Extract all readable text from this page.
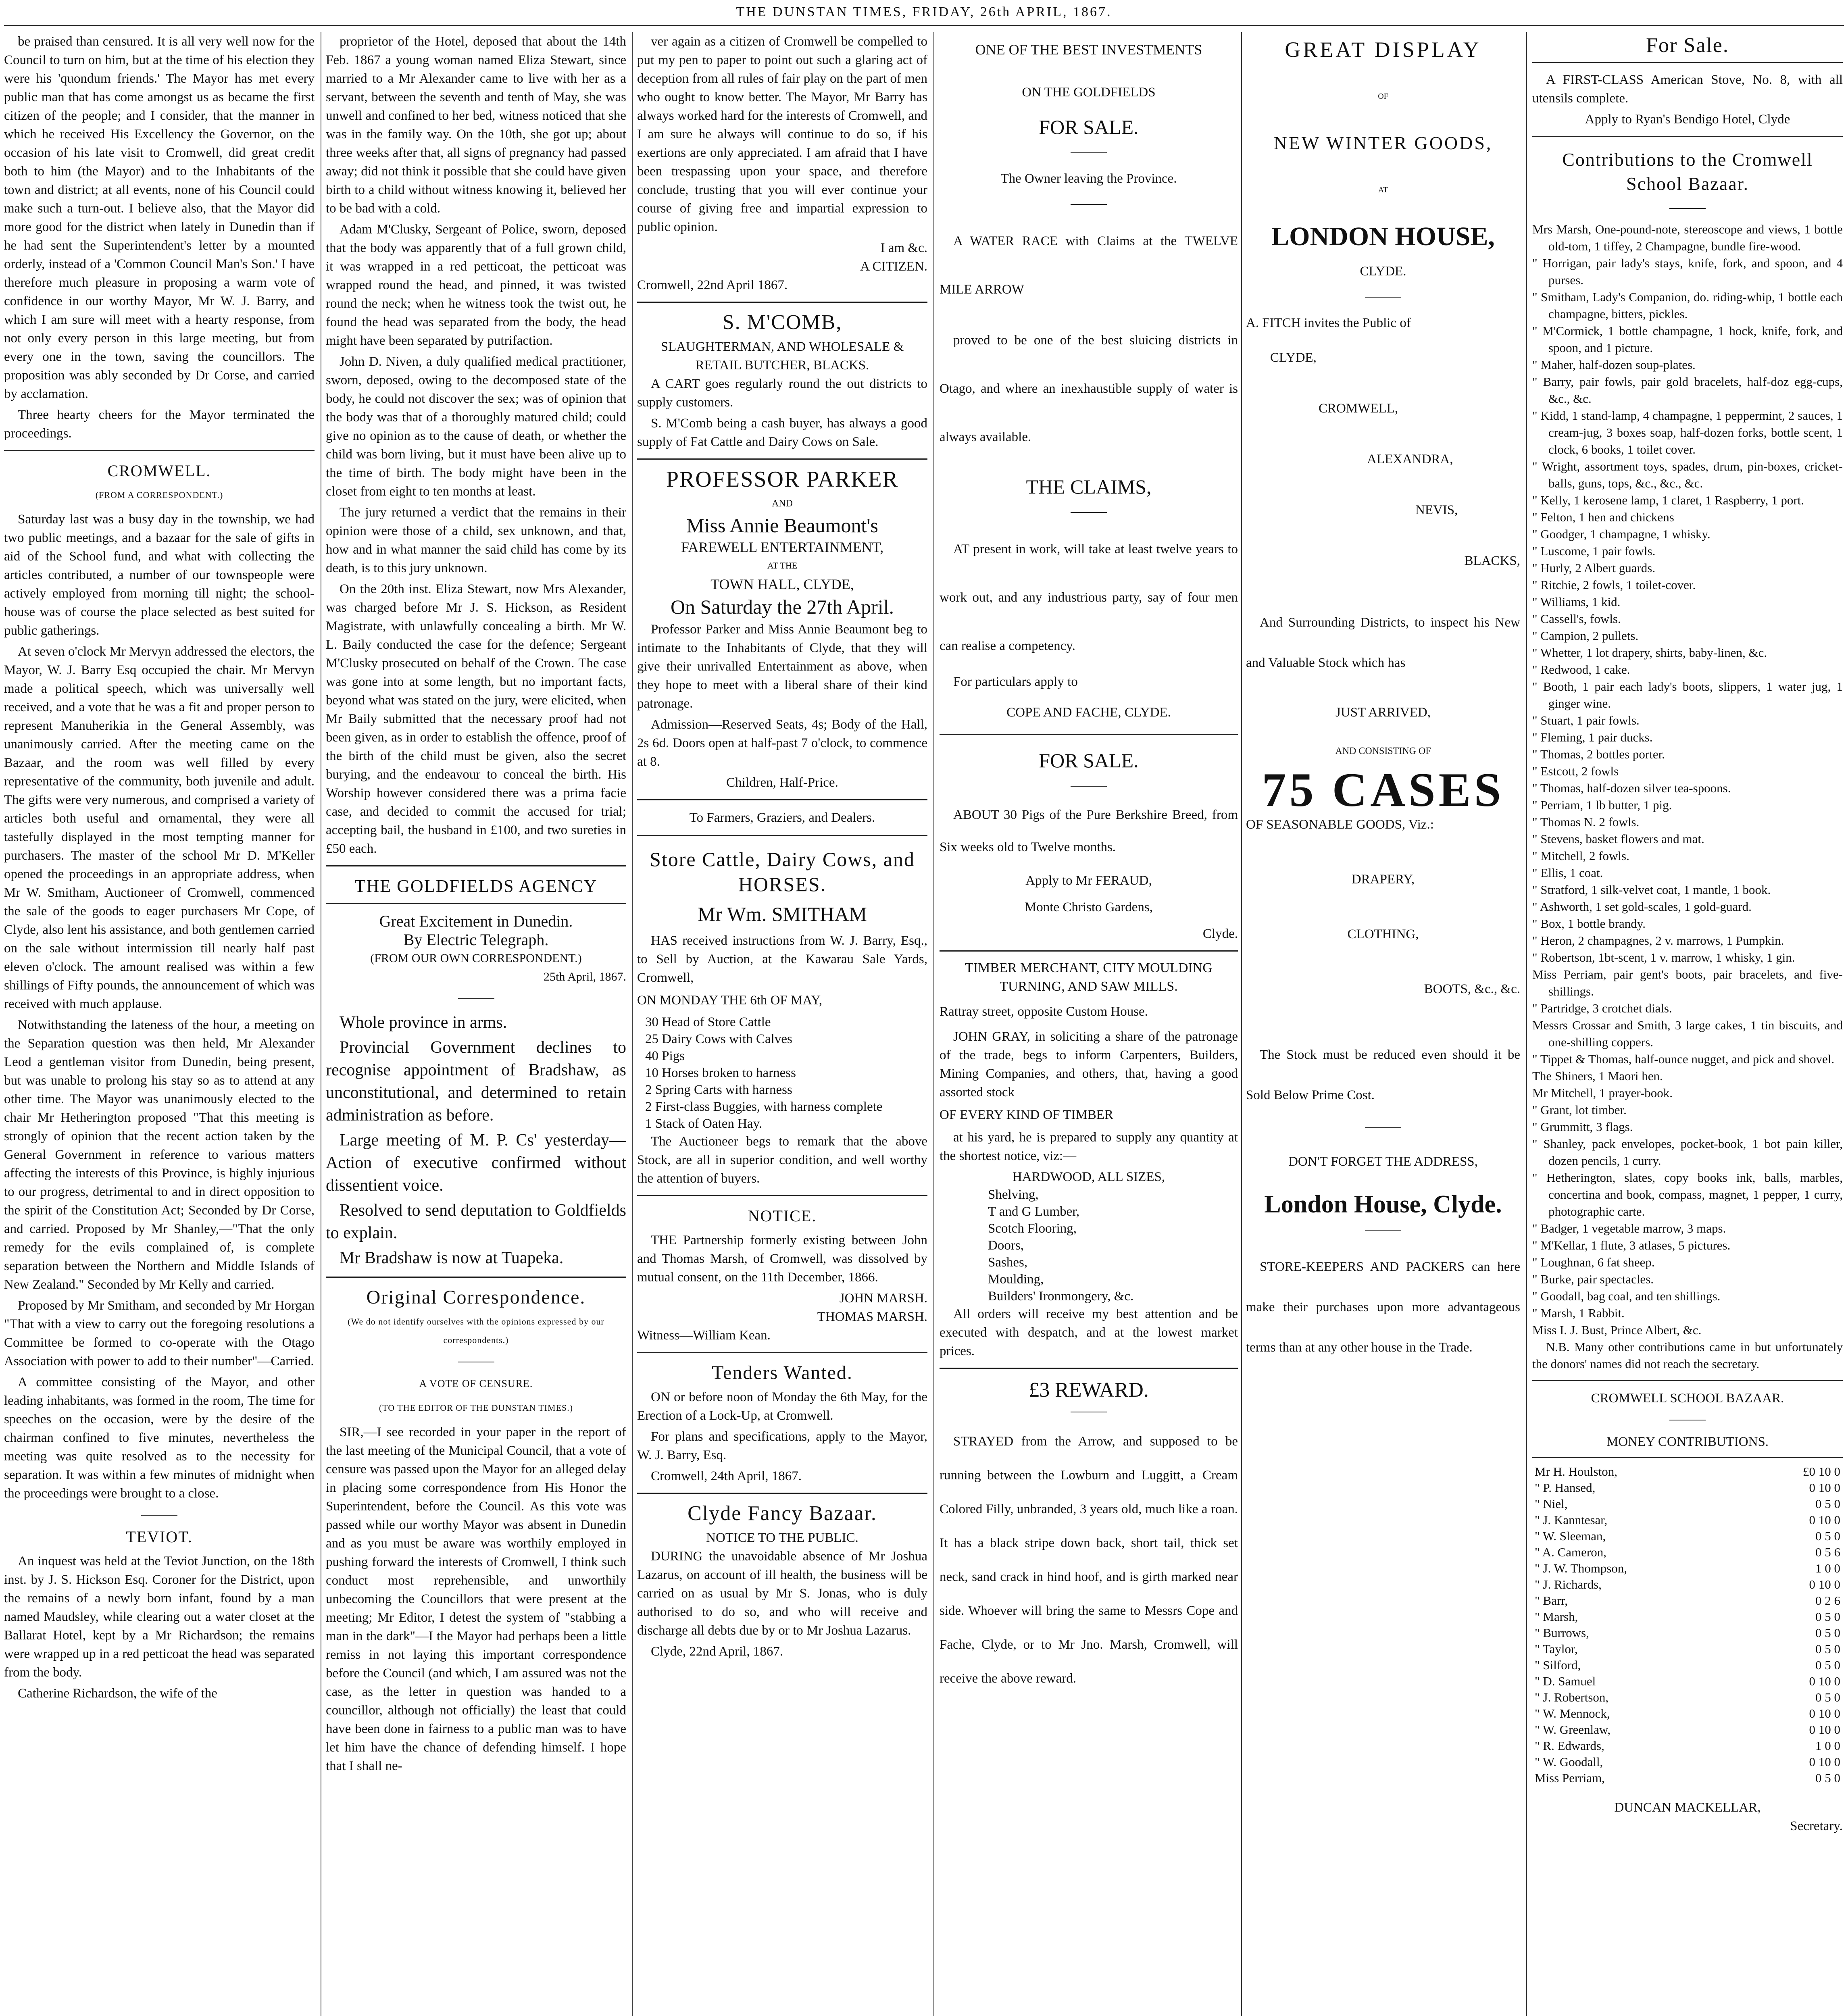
THE DUNSTAN TIMES, FRIDAY, 26th APRIL, 1867.

be praised than censured. It is all very well now for the Council to turn on him, but at the time of his election they were his 'quondum friends.' The Mayor has met every public man that has come amongst us as became the first citizen of the people; and I consider, that the manner in which he received His Excellency the Governor, on the occasion of his late visit to Cromwell, did great credit both to him (the Mayor) and to the Inhabitants of the town and district; at all events, none of his Council could make such a turn-out. I believe also, that the Mayor did more good for the district when lately in Dunedin than if he had sent the Superintendent's letter by a mounted orderly, instead of a 'Common Council Man's Son.' I have therefore much pleasure in proposing a warm vote of confidence in our worthy Mayor, Mr W. J. Barry, and which I am sure will meet with a hearty response, from not only every person in this large meeting, but from every one in the town, saving the councillors. The proposition was ably seconded by Dr Corse, and carried by acclamation.

Three hearty cheers for the Mayor terminated the proceedings.

CROMWELL.
(FROM A CORRESPONDENT.)

Saturday last was a busy day in the township, we had two public meetings, and a bazaar for the sale of gifts in aid of the School fund, and what with collecting the articles contributed, a number of our townspeople were actively employed from morning till night; the school-house was of course the place selected as best suited for public gatherings.

At seven o'clock Mr Mervyn addressed the electors, the Mayor, W. J. Barry Esq occupied the chair. Mr Mervyn made a political speech, which was universally well received, and a vote that he was a fit and proper person to represent Manuherikia in the General Assembly, was unanimously carried. After the meeting came on the Bazaar, and the room was well filled by every representative of the community, both juvenile and adult. The gifts were very numerous, and comprised a variety of articles both useful and ornamental, they were all tastefully displayed in the most tempting manner for purchasers. The master of the school Mr D. M'Keller opened the proceedings in an appropriate address, when Mr W. Smitham, Auctioneer of Cromwell, commenced the sale of the goods to eager purchasers Mr Cope, of Clyde, also lent his assistance, and both gentlemen carried on the sale without intermission till nearly half past eleven o'clock. The amount realised was within a few shillings of Fifty pounds, the announcement of which was received with much applause.

Notwithstanding the lateness of the hour, a meeting on the Separation question was then held, Mr Alexander Leod a gentleman visitor from Dunedin, being present, but was unable to prolong his stay so as to attend at any other time. The Mayor was unanimously elected to the chair Mr Hetherington proposed "That this meeting is strongly of opinion that the recent action taken by the General Government in reference to various matters affecting the interests of this Province, is highly injurious to our progress, detrimental to and in direct opposition to the spirit of the Constitution Act; Seconded by Dr Corse, and carried. Proposed by Mr Shanley,—"That the only remedy for the evils complained of, is complete separation between the Northern and Middle Islands of New Zealand." Seconded by Mr Kelly and carried.

Proposed by Mr Smitham, and seconded by Mr Horgan "That with a view to carry out the foregoing resolutions a Committee be formed to co-operate with the Otago Association with power to add to their number"—Carried.

A committee consisting of the Mayor, and other leading inhabitants, was formed in the room, The time for speeches on the occasion, were by the desire of the chairman confined to five minutes, nevertheless the meeting was quite resolved as to the necessity for separation. It was within a few minutes of midnight when the proceedings were brought to a close.

TEVIOT.

An inquest was held at the Teviot Junction, on the 18th inst. by J. S. Hickson Esq. Coroner for the District, upon the remains of a newly born infant, found by a man named Maudsley, while clearing out a water closet at the Ballarat Hotel, kept by a Mr Richardson; the remains were wrapped up in a red petticoat the head was separated from the body.

Catherine Richardson, the wife of the

proprietor of the Hotel, deposed that about the 14th Feb. 1867 a young woman named Eliza Stewart, since married to a Mr Alexander came to live with her as a servant, between the seventh and tenth of May, she was unwell and confined to her bed, witness noticed that she was in the family way. On the 10th, she got up; about three weeks after that, all signs of pregnancy had passed away; did not think it possible that she could have given birth to a child without witness knowing it, believed her to be bad with a cold.

Adam M'Clusky, Sergeant of Police, sworn, deposed that the body was apparently that of a full grown child, it was wrapped in a red petticoat, the petticoat was wrapped round the head, and pinned, it was twisted round the neck; when he witness took the twist out, he found the head was separated from the body, the head might have been separated by putrifaction.

John D. Niven, a duly qualified medical practitioner, sworn, deposed, owing to the decomposed state of the body, he could not discover the sex; was of opinion that the body was that of a thoroughly matured child; could give no opinion as to the cause of death, or whether the child was born living, but it must have been alive up to the time of birth. The body might have been in the closet from eight to ten months at least.

The jury returned a verdict that the remains in their opinion were those of a child, sex unknown, and that, how and in what manner the said child has come by its death, is to this jury unknown.

On the 20th inst. Eliza Stewart, now Mrs Alexander, was charged before Mr J. S. Hickson, as Resident Magistrate, with unlawfully concealing a birth. Mr W. L. Baily conducted the case for the defence; Sergeant M'Clusky prosecuted on behalf of the Crown. The case was gone into at some length, but no important facts, beyond what was stated on the jury, were elicited, when Mr Baily submitted that the necessary proof had not been given, as in order to establish the offence, proof of the birth of the child must be given, also the secret burying, and the endeavour to conceal the birth. His Worship however considered there was a prima facie case, and decided to commit the accused for trial; accepting bail, the husband in £100, and two sureties in £50 each.

THE GOLDFIELDS AGENCY
Great Excitement in Dunedin.
By Electric Telegraph.
(FROM OUR OWN CORRESPONDENT.)
25th April, 1867.

Whole province in arms.

Provincial Government declines to recognise appointment of Bradshaw, as unconstitutional, and determined to retain administration as before.

Large meeting of M. P. Cs' yesterday—Action of executive confirmed without dissentient voice.

Resolved to send deputation to Goldfields to explain.

Mr Bradshaw is now at Tuapeka.

Original Correspondence.
(We do not identify ourselves with the opinions expressed by our correspondents.)
A VOTE OF CENSURE.
(TO THE EDITOR OF THE DUNSTAN TIMES.)

SIR,—I see recorded in your paper in the report of the last meeting of the Municipal Council, that a vote of censure was passed upon the Mayor for an alleged delay in placing some correspondence from His Honor the Superintendent, before the Council. As this vote was passed while our worthy Mayor was absent in Dunedin and as you must be aware was worthily employed in pushing forward the interests of Cromwell, I think such conduct most reprehensible, and unworthily unbecoming the Councillors that were present at the meeting; Mr Editor, I detest the system of "stabbing a man in the dark"—I the Mayor had perhaps been a little remiss in not laying this important correspondence before the Council (and which, I am assured was not the case, as the letter in question was handed to a councillor, although not officially) the least that could have been done in fairness to a public man was to have let him have the chance of defending himself. I hope that I shall ne-

ver again as a citizen of Cromwell be compelled to put my pen to paper to point out such a glaring act of deception from all rules of fair play on the part of men who ought to know better. The Mayor, Mr Barry has always worked hard for the interests of Cromwell, and I am sure he always will continue to do so, if his exertions are only appreciated. I am afraid that I have been trespassing upon your space, and therefore conclude, trusting that you will ever continue your course of giving free and impartial expression to public opinion.

I am &c.
A CITIZEN.
Cromwell, 22nd April 1867.
S. M'COMB,
SLAUGHTERMAN, AND WHOLESALE & RETAIL BUTCHER, BLACKS.

A CART goes regularly round the out districts to supply customers.

S. M'Comb being a cash buyer, has always a good supply of Fat Cattle and Dairy Cows on Sale.

PROFESSOR PARKER
AND
Miss Annie Beaumont's
FAREWELL ENTERTAINMENT,
AT THE
TOWN HALL, CLYDE,
On Saturday the 27th April.

Professor Parker and Miss Annie Beaumont beg to intimate to the Inhabitants of Clyde, that they will give their unrivalled Entertainment as above, when they hope to meet with a liberal share of their kind patronage.

Admission—Reserved Seats, 4s; Body of the Hall, 2s 6d. Doors open at half-past 7 o'clock, to commence at 8.

Children, Half-Price.
To Farmers, Graziers, and Dealers.
Store Cattle, Dairy Cows, and HORSES.
Mr Wm. SMITHAM

HAS received instructions from W. J. Barry, Esq., to Sell by Auction, at the Kawarau Sale Yards, Cromwell,

ON MONDAY THE 6th OF MAY,
30 Head of Store Cattle
25 Dairy Cows with Calves
40 Pigs
10 Horses broken to harness
2 Spring Carts with harness
2 First-class Buggies, with harness complete
1 Stack of Oaten Hay.

The Auctioneer begs to remark that the above Stock, are all in superior condition, and well worthy the attention of buyers.

NOTICE.

THE Partnership formerly existing between John and Thomas Marsh, of Cromwell, was dissolved by mutual consent, on the 11th December, 1866.

JOHN MARSH.
THOMAS MARSH.
Witness—William Kean.
Tenders Wanted.

ON or before noon of Monday the 6th May, for the Erection of a Lock-Up, at Cromwell.

For plans and specifications, apply to the Mayor, W. J. Barry, Esq.

Cromwell, 24th April, 1867.

Clyde Fancy Bazaar.
NOTICE TO THE PUBLIC.

DURING the unavoidable absence of Mr Joshua Lazarus, on account of ill health, the business will be carried on as usual by Mr S. Jonas, who is duly authorised to do so, and who will receive and discharge all debts due by or to Mr Joshua Lazarus.

Clyde, 22nd April, 1867.

ONE OF THE BEST INVESTMENTS
ON THE GOLDFIELDS
FOR SALE.
The Owner leaving the Province.

A WATER RACE with Claims at the TWELVE MILE ARROW

proved to be one of the best sluicing districts in Otago, and where an inexhaustible supply of water is always available.

THE CLAIMS,

AT present in work, will take at least twelve years to work out, and any industrious party, say of four men can realise a competency.

For particulars apply to

COPE AND FACHE, CLYDE.
FOR SALE.

ABOUT 30 Pigs of the Pure Berkshire Breed, from Six weeks old to Twelve months.

Apply to Mr FERAUD,
Monte Christo Gardens,
Clyde.
TIMBER MERCHANT, CITY MOULDING TURNING, AND SAW MILLS.
Rattray street, opposite Custom House.

JOHN GRAY, in soliciting a share of the patronage of the trade, begs to inform Carpenters, Builders, Mining Companies, and others, that, having a good assorted stock

OF EVERY KIND OF TIMBER

at his yard, he is prepared to supply any quantity at the shortest notice, viz:—

HARDWOOD, ALL SIZES,
Shelving,
T and G Lumber,
Scotch Flooring,
Doors,
Sashes,
Moulding,
Builders' Ironmongery, &c.

All orders will receive my best attention and be executed with despatch, and at the lowest market prices.

£3 REWARD.

STRAYED from the Arrow, and supposed to be running between the Lowburn and Luggitt, a Cream Colored Filly, unbranded, 3 years old, much like a roan. It has a black stripe down back, short tail, thick set neck, sand crack in hind hoof, and is girth marked near side. Whoever will bring the same to Messrs Cope and Fache, Clyde, or to Mr Jno. Marsh, Cromwell, will receive the above reward.

GREAT DISPLAY
OF
NEW WINTER GOODS,
AT
LONDON HOUSE,
CLYDE.
A. FITCH invites the Public of
CLYDE,
CROMWELL,
ALEXANDRA,
NEVIS,
BLACKS,

And Surrounding Districts, to inspect his New and Valuable Stock which has

JUST ARRIVED,
AND CONSISTING OF
75 CASES
OF SEASONABLE GOODS, Viz.:
DRAPERY,
CLOTHING,
BOOTS, &c., &c.

The Stock must be reduced even should it be Sold Below Prime Cost.

DON'T FORGET THE ADDRESS,
London House, Clyde.

STORE-KEEPERS AND PACKERS can here make their purchases upon more advantageous terms than at any other house in the Trade.

For Sale.

A FIRST-CLASS American Stove, No. 8, with all utensils complete.

Apply to Ryan's Bendigo Hotel, Clyde
Contributions to the Cromwell School Bazaar.
Mrs Marsh, One-pound-note, stereoscope and views, 1 bottle old-tom, 1 tiffey, 2 Champagne, bundle fire-wood.
" Horrigan, pair lady's stays, knife, fork, and spoon, and 4 purses.
" Smitham, Lady's Companion, do. riding-whip, 1 bottle each champagne, bitters, pickles.
" M'Cormick, 1 bottle champagne, 1 hock, knife, fork, and spoon, and 1 picture.
" Maher, half-dozen soup-plates.
" Barry, pair fowls, pair gold bracelets, half-doz egg-cups, &c., &c.
" Kidd, 1 stand-lamp, 4 champagne, 1 peppermint, 2 sauces, 1 cream-jug, 3 boxes soap, half-dozen forks, bottle scent, 1 clock, 6 books, 1 toilet cover.
" Wright, assortment toys, spades, drum, pin-boxes, cricket-balls, guns, tops, &c., &c., &c.
" Kelly, 1 kerosene lamp, 1 claret, 1 Raspberry, 1 port.
" Felton, 1 hen and chickens
" Goodger, 1 champagne, 1 whisky.
" Luscome, 1 pair fowls.
" Hurly, 2 Albert guards.
" Ritchie, 2 fowls, 1 toilet-cover.
" Williams, 1 kid.
" Cassell's, fowls.
" Campion, 2 pullets.
" Whetter, 1 lot drapery, shirts, baby-linen, &c.
" Redwood, 1 cake.
" Booth, 1 pair each lady's boots, slippers, 1 water jug, 1 ginger wine.
" Stuart, 1 pair fowls.
" Fleming, 1 pair ducks.
" Thomas, 2 bottles porter.
" Estcott, 2 fowls
" Thomas, half-dozen silver tea-spoons.
" Perriam, 1 lb butter, 1 pig.
" Thomas N. 2 fowls.
" Stevens, basket flowers and mat.
" Mitchell, 2 fowls.
" Ellis, 1 coat.
" Stratford, 1 silk-velvet coat, 1 mantle, 1 book.
" Ashworth, 1 set gold-scales, 1 gold-guard.
" Box, 1 bottle brandy.
" Heron, 2 champagnes, 2 v. marrows, 1 Pumpkin.
" Robertson, 1bt-scent, 1 v. marrow, 1 whisky, 1 gin.
Miss Perriam, pair gent's boots, pair bracelets, and five-shillings.
" Partridge, 3 crotchet dials.
Messrs Crossar and Smith, 3 large cakes, 1 tin biscuits, and one-shilling coppers.
" Tippet & Thomas, half-ounce nugget, and pick and shovel.
The Shiners, 1 Maori hen.
Mr Mitchell, 1 prayer-book.
" Grant, lot timber.
" Grummitt, 3 flags.
" Shanley, pack envelopes, pocket-book, 1 bot pain killer, dozen pencils, 1 curry.
" Hetherington, slates, copy books ink, balls, marbles, concertina and book, compass, magnet, 1 pepper, 1 curry, photographic carte.
" Badger, 1 vegetable marrow, 3 maps.
" M'Kellar, 1 flute, 3 atlases, 5 pictures.
" Loughnan, 6 fat sheep.
" Burke, pair spectacles.
" Goodall, bag coal, and ten shillings.
" Marsh, 1 Rabbit.
Miss I. J. Bust, Prince Albert, &c.

N.B. Many other contributions came in but unfortunately the donors' names did not reach the secretary.

CROMWELL SCHOOL BAZAAR.
MONEY CONTRIBUTIONS.
Mr H. Houlston,	£0 10 0
" P. Hansed,	0 10 0
" Niel,	0 5 0
" J. Kanntesar,	0 10 0
" W. Sleeman,	0 5 0
" A. Cameron,	0 5 6
" J. W. Thompson,	1 0 0
" J. Richards,	0 10 0
" Barr,	0 2 6
" Marsh,	0 5 0
" Burrows,	0 5 0
" Taylor,	0 5 0
" Silford,	0 5 0
" D. Samuel	0 10 0
" J. Robertson,	0 5 0
" W. Mennock,	0 10 0
" W. Greenlaw,	0 10 0
" R. Edwards,	1 0 0
" W. Goodall,	0 10 0
Miss Perriam,	0 5 0
DUNCAN MACKELLAR,
Secretary.
